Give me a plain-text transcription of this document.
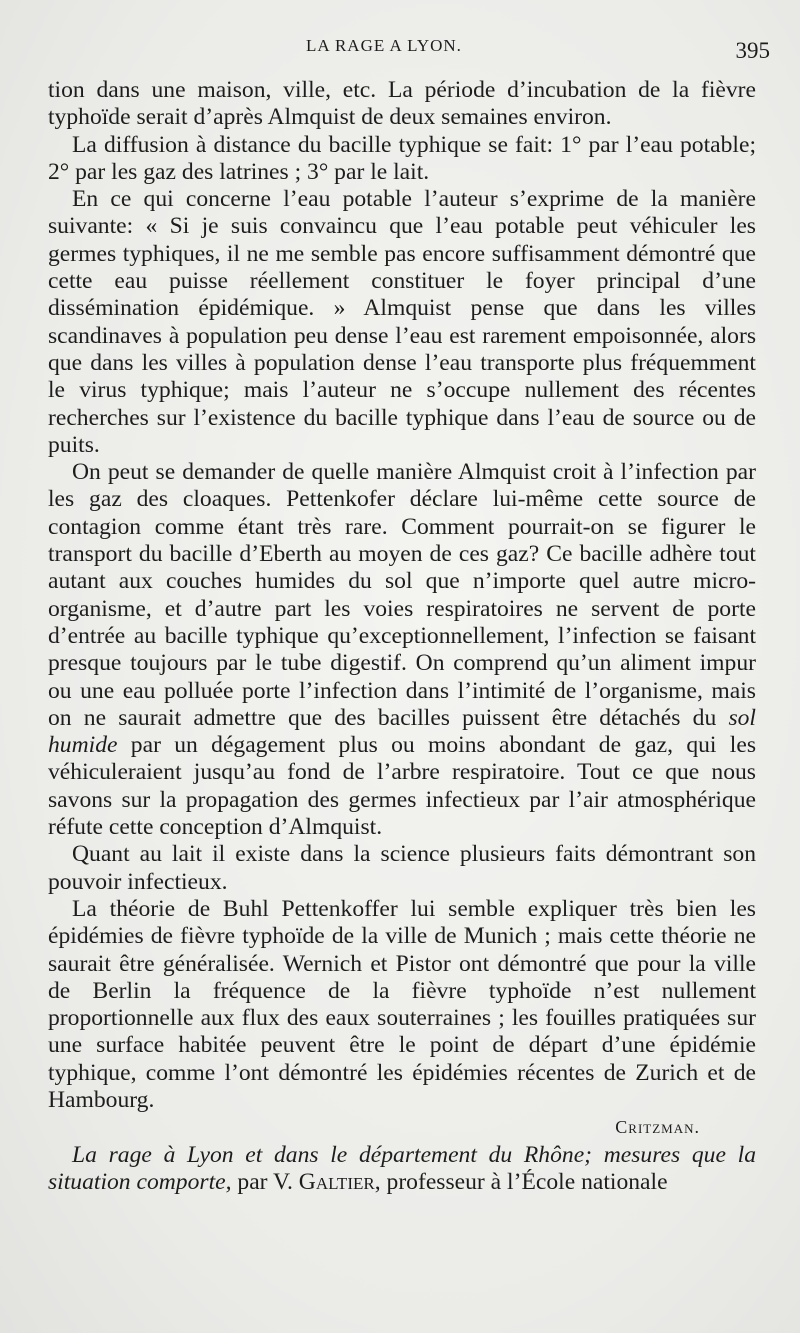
LA RAGE A LYON.	395

tion dans une maison, ville, etc. La période d’incubation de la fièvre typhoïde serait d’après Almquist de deux semaines environ.

La diffusion à distance du bacille typhique se fait: 1° par l’eau potable; 2° par les gaz des latrines ; 3° par le lait.

En ce qui concerne l’eau potable l’auteur s’exprime de la manière suivante: « Si je suis convaincu que l’eau potable peut véhiculer les germes typhiques, il ne me semble pas encore suffisamment démontré que cette eau puisse réellement constituer le foyer principal d’une dissémination épidémique. » Almquist pense que dans les villes scandinaves à population peu dense l’eau est rarement empoisonnée, alors que dans les villes à population dense l’eau transporte plus fréquemment le virus typhique; mais l’auteur ne s’occupe nullement des récentes recherches sur l’existence du bacille typhique dans l’eau de source ou de puits.

On peut se demander de quelle manière Almquist croit à l’infection par les gaz des cloaques. Pettenkofer déclare lui-même cette source de contagion comme étant très rare. Comment pourrait-on se figurer le transport du bacille d’Eberth au moyen de ces gaz? Ce bacille adhère tout autant aux couches humides du sol que n’importe quel autre micro-organisme, et d’autre part les voies respiratoires ne servent de porte d’entrée au bacille typhique qu’exceptionnellement, l’infection se faisant presque toujours par le tube digestif. On comprend qu’un aliment impur ou une eau polluée porte l’infection dans l’intimité de l’organisme, mais on ne saurait admettre que des bacilles puissent être détachés du sol humide par un dégagement plus ou moins abondant de gaz, qui les véhiculeraient jusqu’au fond de l’arbre respiratoire. Tout ce que nous savons sur la propagation des germes infectieux par l’air atmosphérique réfute cette conception d’Almquist.

Quant au lait il existe dans la science plusieurs faits démontrant son pouvoir infectieux.

La théorie de Buhl Pettenkoffer lui semble expliquer très bien les épidémies de fièvre typhoïde de la ville de Munich ; mais cette théorie ne saurait être généralisée. Wernich et Pistor ont démontré que pour la ville de Berlin la fréquence de la fièvre typhoïde n’est nullement proportionnelle aux flux des eaux souterraines ; les fouilles pratiquées sur une surface habitée peuvent être le point de départ d’une épidémie typhique, comme l’ont démontré les épidémies récentes de Zurich et de Hambourg.

Critzman.

La rage à Lyon et dans le département du Rhône; mesures que la situation comporte, par V. Galtier, professeur à l’École nationale
